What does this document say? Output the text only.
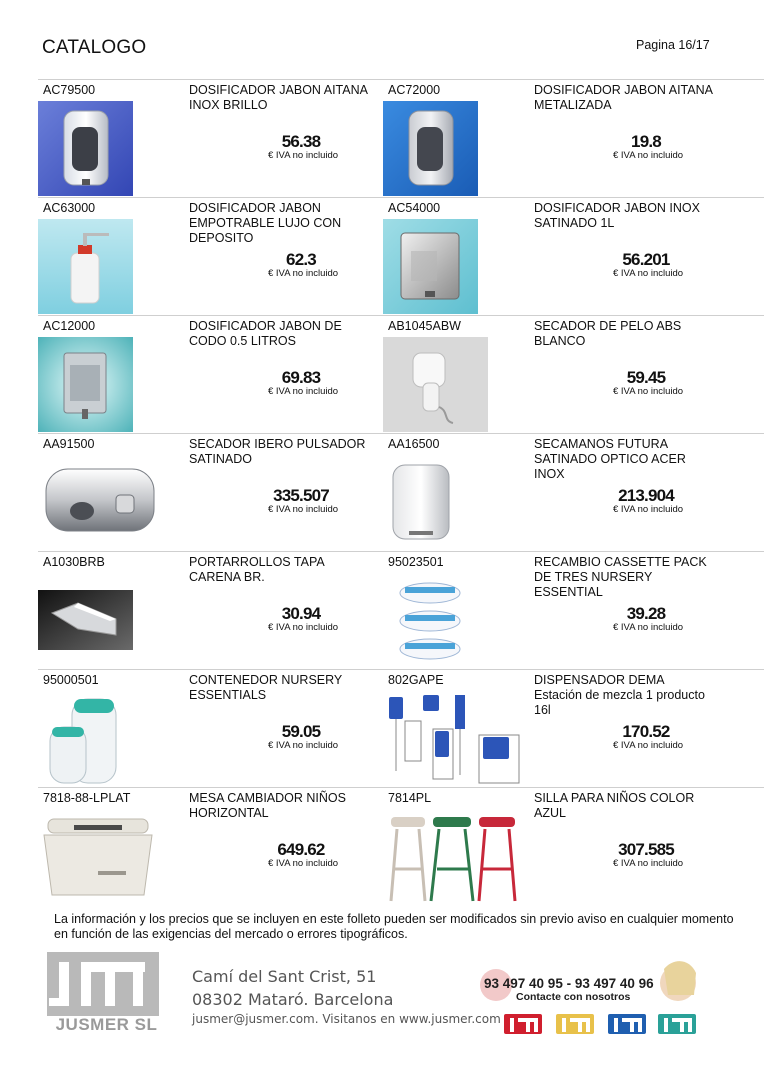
CATALOGO	Pagina 16/17
AC79500	DOSIFICADOR JABON AITANA INOX BRILLO
56.38
€ IVA no incluido
AC72000	DOSIFICADOR JABON AITANA METALIZADA
19.8
€ IVA no incluido
AC63000	DOSIFICADOR JABON EMPOTRABLE LUJO CON DEPOSITO
62.3
€ IVA no incluido
AC54000	DOSIFICADOR JABON INOX SATINADO 1L
56.201
€ IVA no incluido
AC12000	DOSIFICADOR JABON DE CODO 0.5 LITROS
69.83
€ IVA no incluido
AB1045ABW	SECADOR DE PELO ABS BLANCO
59.45
€ IVA no incluido
AA91500	SECADOR IBERO PULSADOR SATINADO
335.507
€ IVA no incluido
AA16500	SECAMANOS FUTURA SATINADO OPTICO ACER INOX
213.904
€ IVA no incluido
A1030BRB	PORTARROLLOS TAPA CARENA BR.
30.94
€ IVA no incluido
95023501	RECAMBIO CASSETTE PACK DE TRES NURSERY ESSENTIAL
39.28
€ IVA no incluido
95000501	CONTENEDOR NURSERY ESSENTIALS
59.05
€ IVA no incluido
802GAPE	DISPENSADOR DEMA Estación de mezcla 1 producto 16l
170.52
€ IVA no incluido
7818-88-LPLAT	MESA CAMBIADOR NIÑOS HORIZONTAL
649.62
€ IVA no incluido
7814PL	SILLA PARA NIÑOS COLOR AZUL
307.585
€ IVA no incluido
La información y los precios que se incluyen en este folleto pueden ser modificados sin previo aviso en cualquier momento en función de las exigencias del mercado o errores tipográficos.
JUSMER SL
Camí del Sant Crist, 51
08302 Mataró. Barcelona
jusmer@jusmer.com. Visitanos en www.jusmer.com
93 497 40 95 - 93 497 40 96
Contacte con nosotros
